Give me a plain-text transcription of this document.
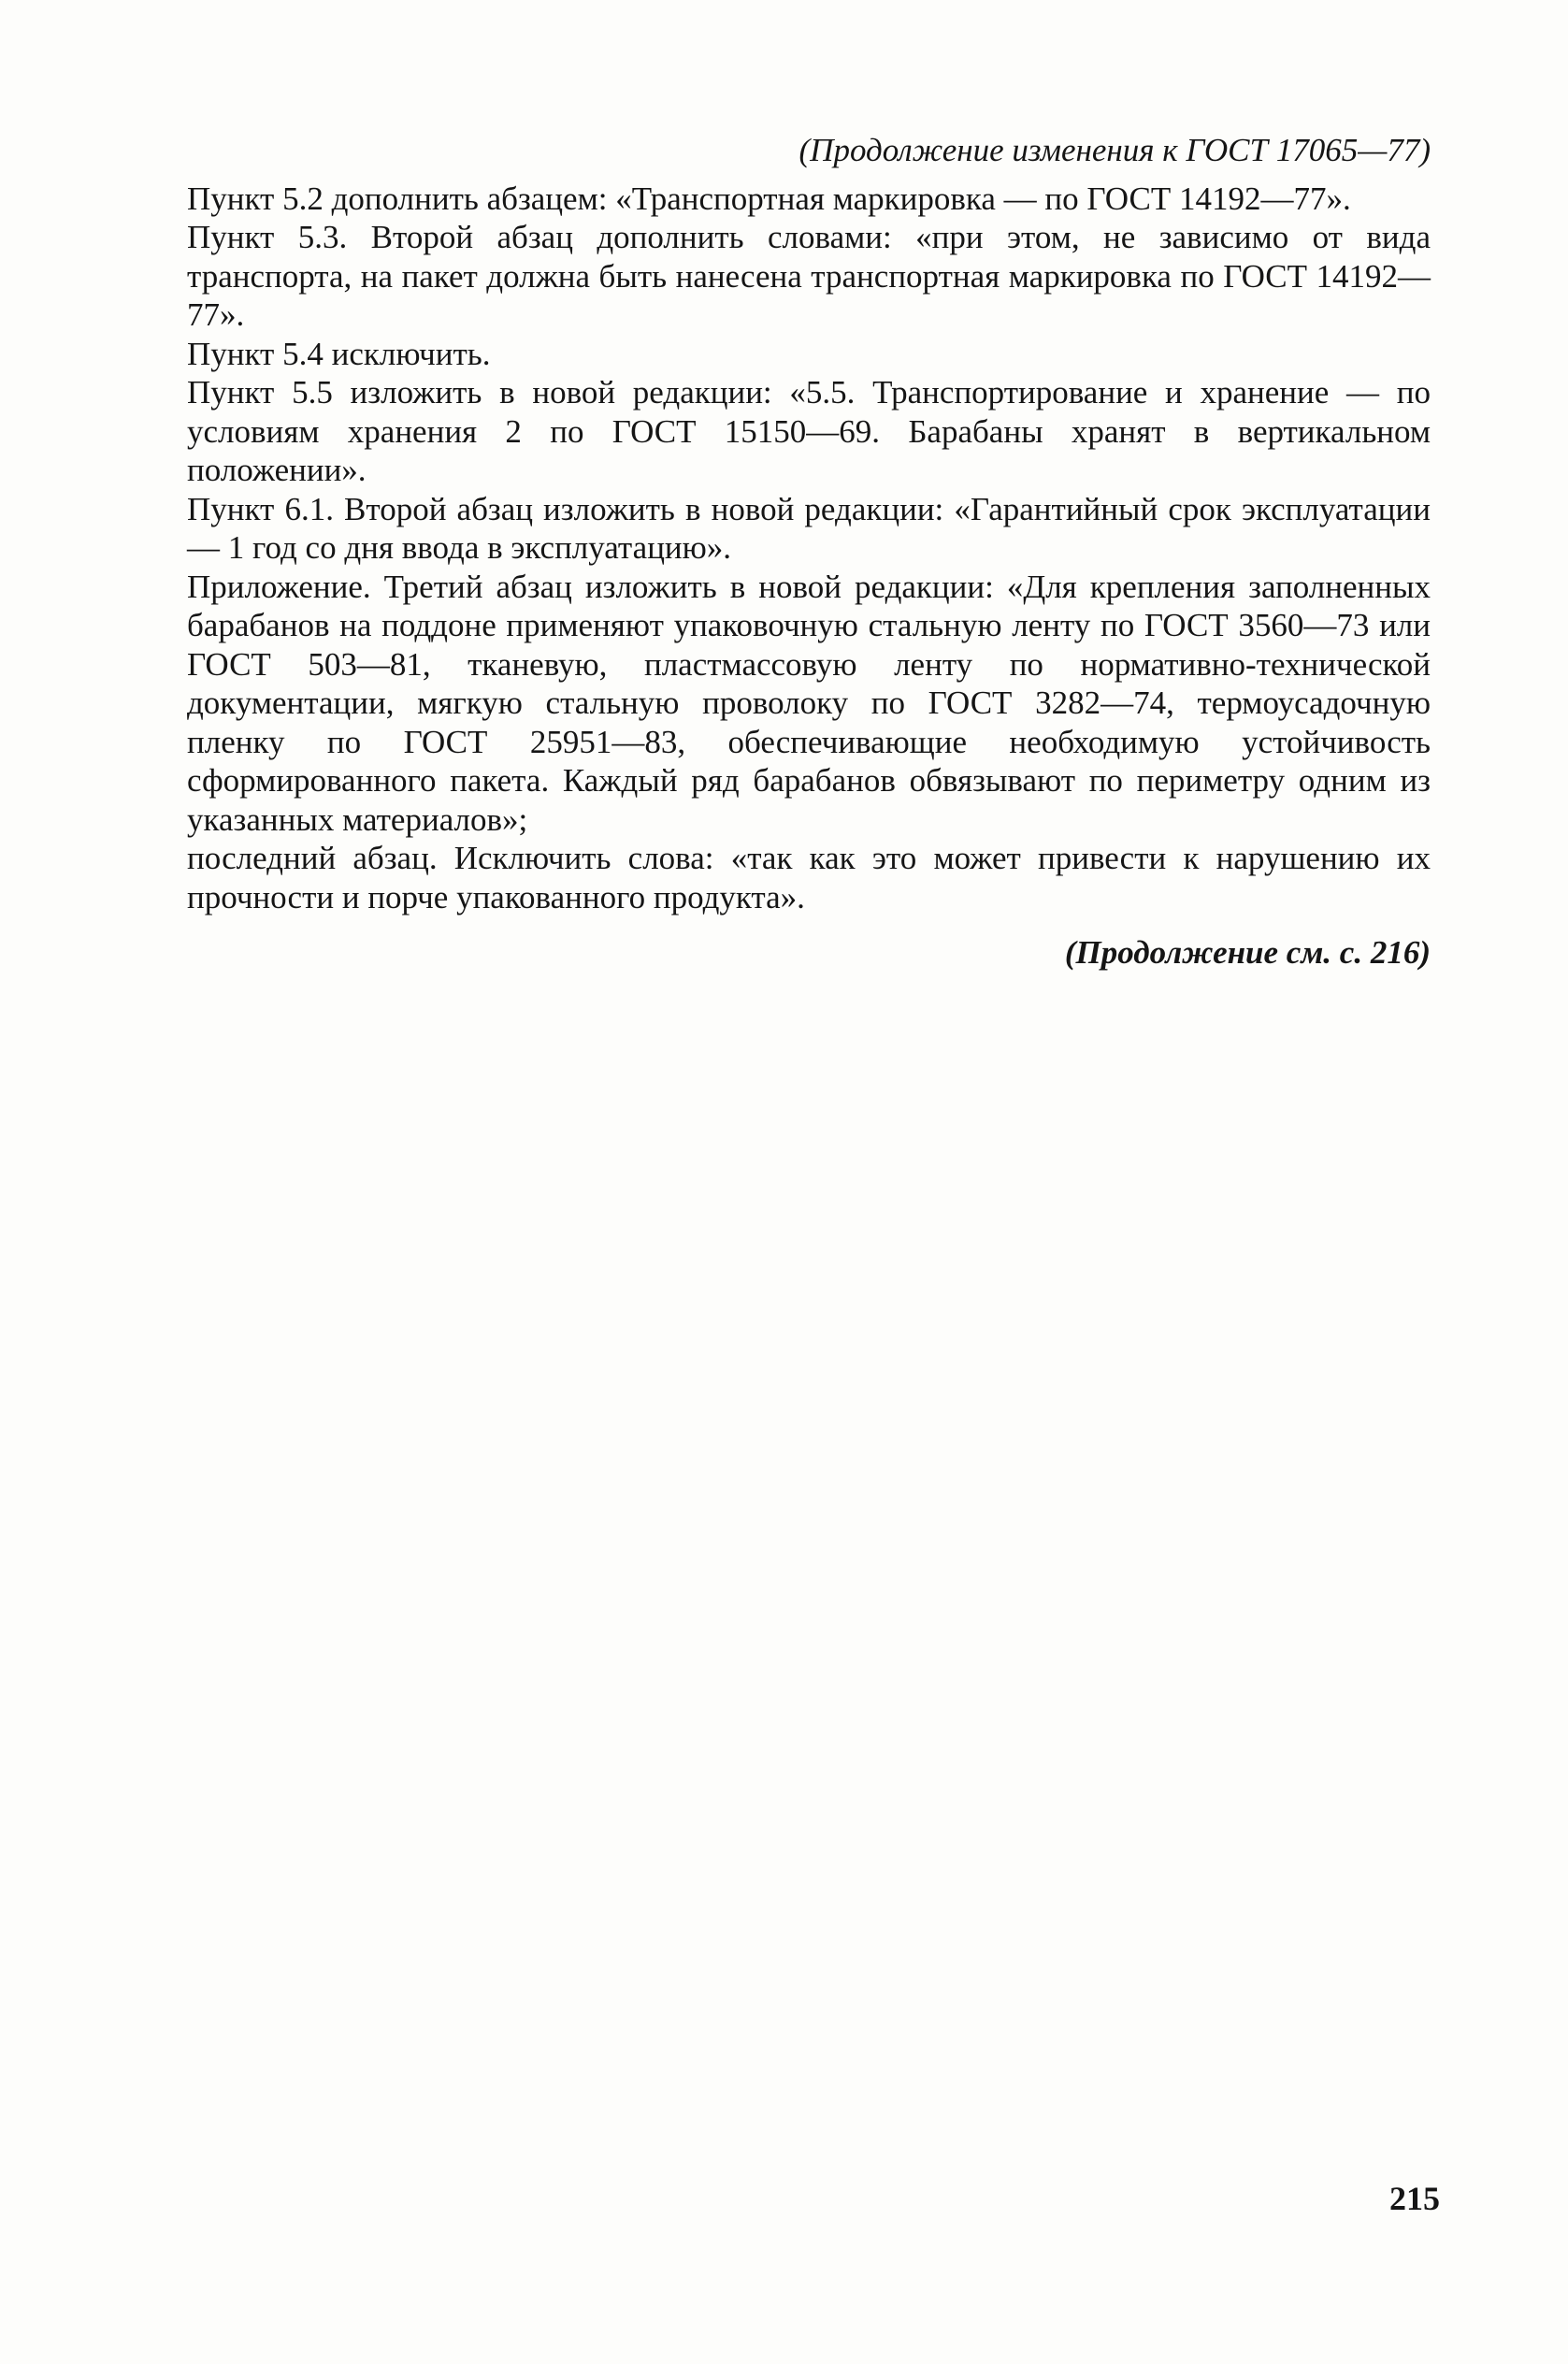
(Продолжение изменения к ГОСТ 17065—77)

Пункт 5.2 дополнить абзацем: «Транспортная маркировка — по ГОСТ 14192—77».

Пункт 5.3. Второй абзац дополнить словами: «при этом, не зависимо от вида транспорта, на пакет должна быть нанесена транспортная маркировка по ГОСТ 14192—77».

Пункт 5.4 исключить.

Пункт 5.5 изложить в новой редакции: «5.5. Транспортирование и хранение — по условиям хранения 2 по ГОСТ 15150—69. Барабаны хранят в вертикальном положении».

Пункт 6.1. Второй абзац изложить в новой редакции: «Гарантийный срок эксплуатации — 1 год со дня ввода в эксплуатацию».

Приложение. Третий абзац изложить в новой редакции: «Для крепления заполненных барабанов на поддоне применяют упаковочную стальную ленту по ГОСТ 3560—73 или ГОСТ 503—81, тканевую, пластмассовую ленту по нормативно-технической документации, мягкую стальную проволоку по ГОСТ 3282—74, термоусадочную пленку по ГОСТ 25951—83, обеспечивающие необходимую устойчивость сформированного пакета. Каждый ряд барабанов обвязывают по периметру одним из указанных материалов»;

последний абзац. Исключить слова: «так как это может привести к нарушению их прочности и порче упакованного продукта».

(Продолжение см. с. 216)

215
